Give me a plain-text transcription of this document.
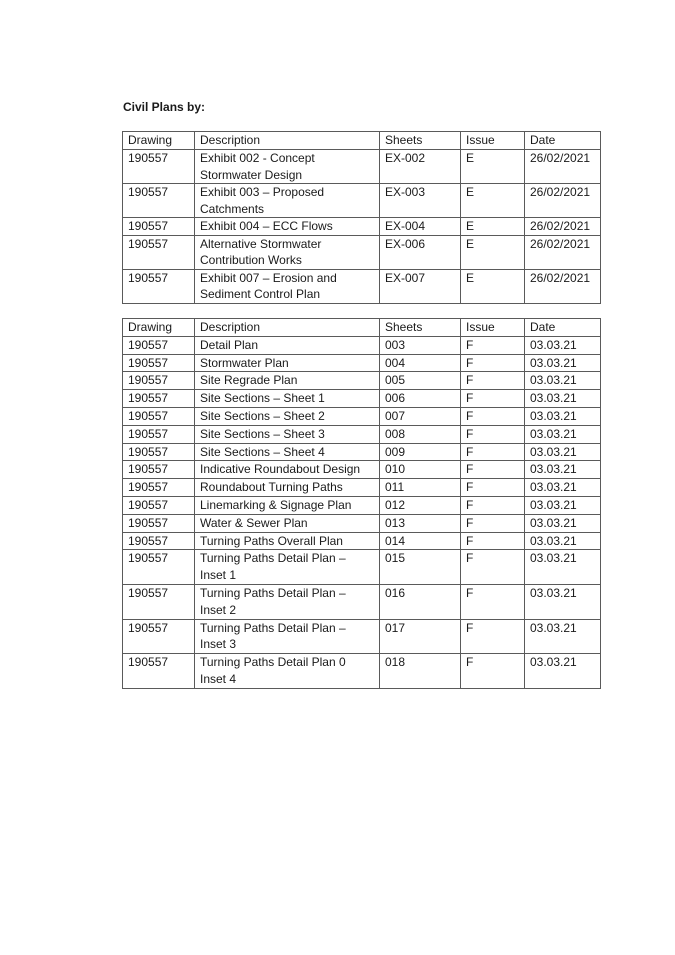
Civil Plans by:
Drawing	Description	Sheets	Issue	Date
190557	Exhibit 002 - Concept Stormwater Design	EX-002	E	26/02/2021
190557	Exhibit 003 – Proposed Catchments	EX-003	E	26/02/2021
190557	Exhibit 004 – ECC Flows	EX-004	E	26/02/2021
190557	Alternative Stormwater Contribution Works	EX-006	E	26/02/2021
190557	Exhibit 007 – Erosion and Sediment Control Plan	EX-007	E	26/02/2021
Drawing	Description	Sheets	Issue	Date
190557	Detail Plan	003	F	03.03.21
190557	Stormwater Plan	004	F	03.03.21
190557	Site Regrade Plan	005	F	03.03.21
190557	Site Sections – Sheet 1	006	F	03.03.21
190557	Site Sections – Sheet 2	007	F	03.03.21
190557	Site Sections – Sheet 3	008	F	03.03.21
190557	Site Sections – Sheet 4	009	F	03.03.21
190557	Indicative Roundabout Design	010	F	03.03.21
190557	Roundabout Turning Paths	011	F	03.03.21
190557	Linemarking & Signage Plan	012	F	03.03.21
190557	Water & Sewer Plan	013	F	03.03.21
190557	Turning Paths Overall Plan	014	F	03.03.21
190557	Turning Paths Detail Plan – Inset 1	015	F	03.03.21
190557	Turning Paths Detail Plan – Inset 2	016	F	03.03.21
190557	Turning Paths Detail Plan – Inset 3	017	F	03.03.21
190557	Turning Paths Detail Plan 0 Inset 4	018	F	03.03.21
